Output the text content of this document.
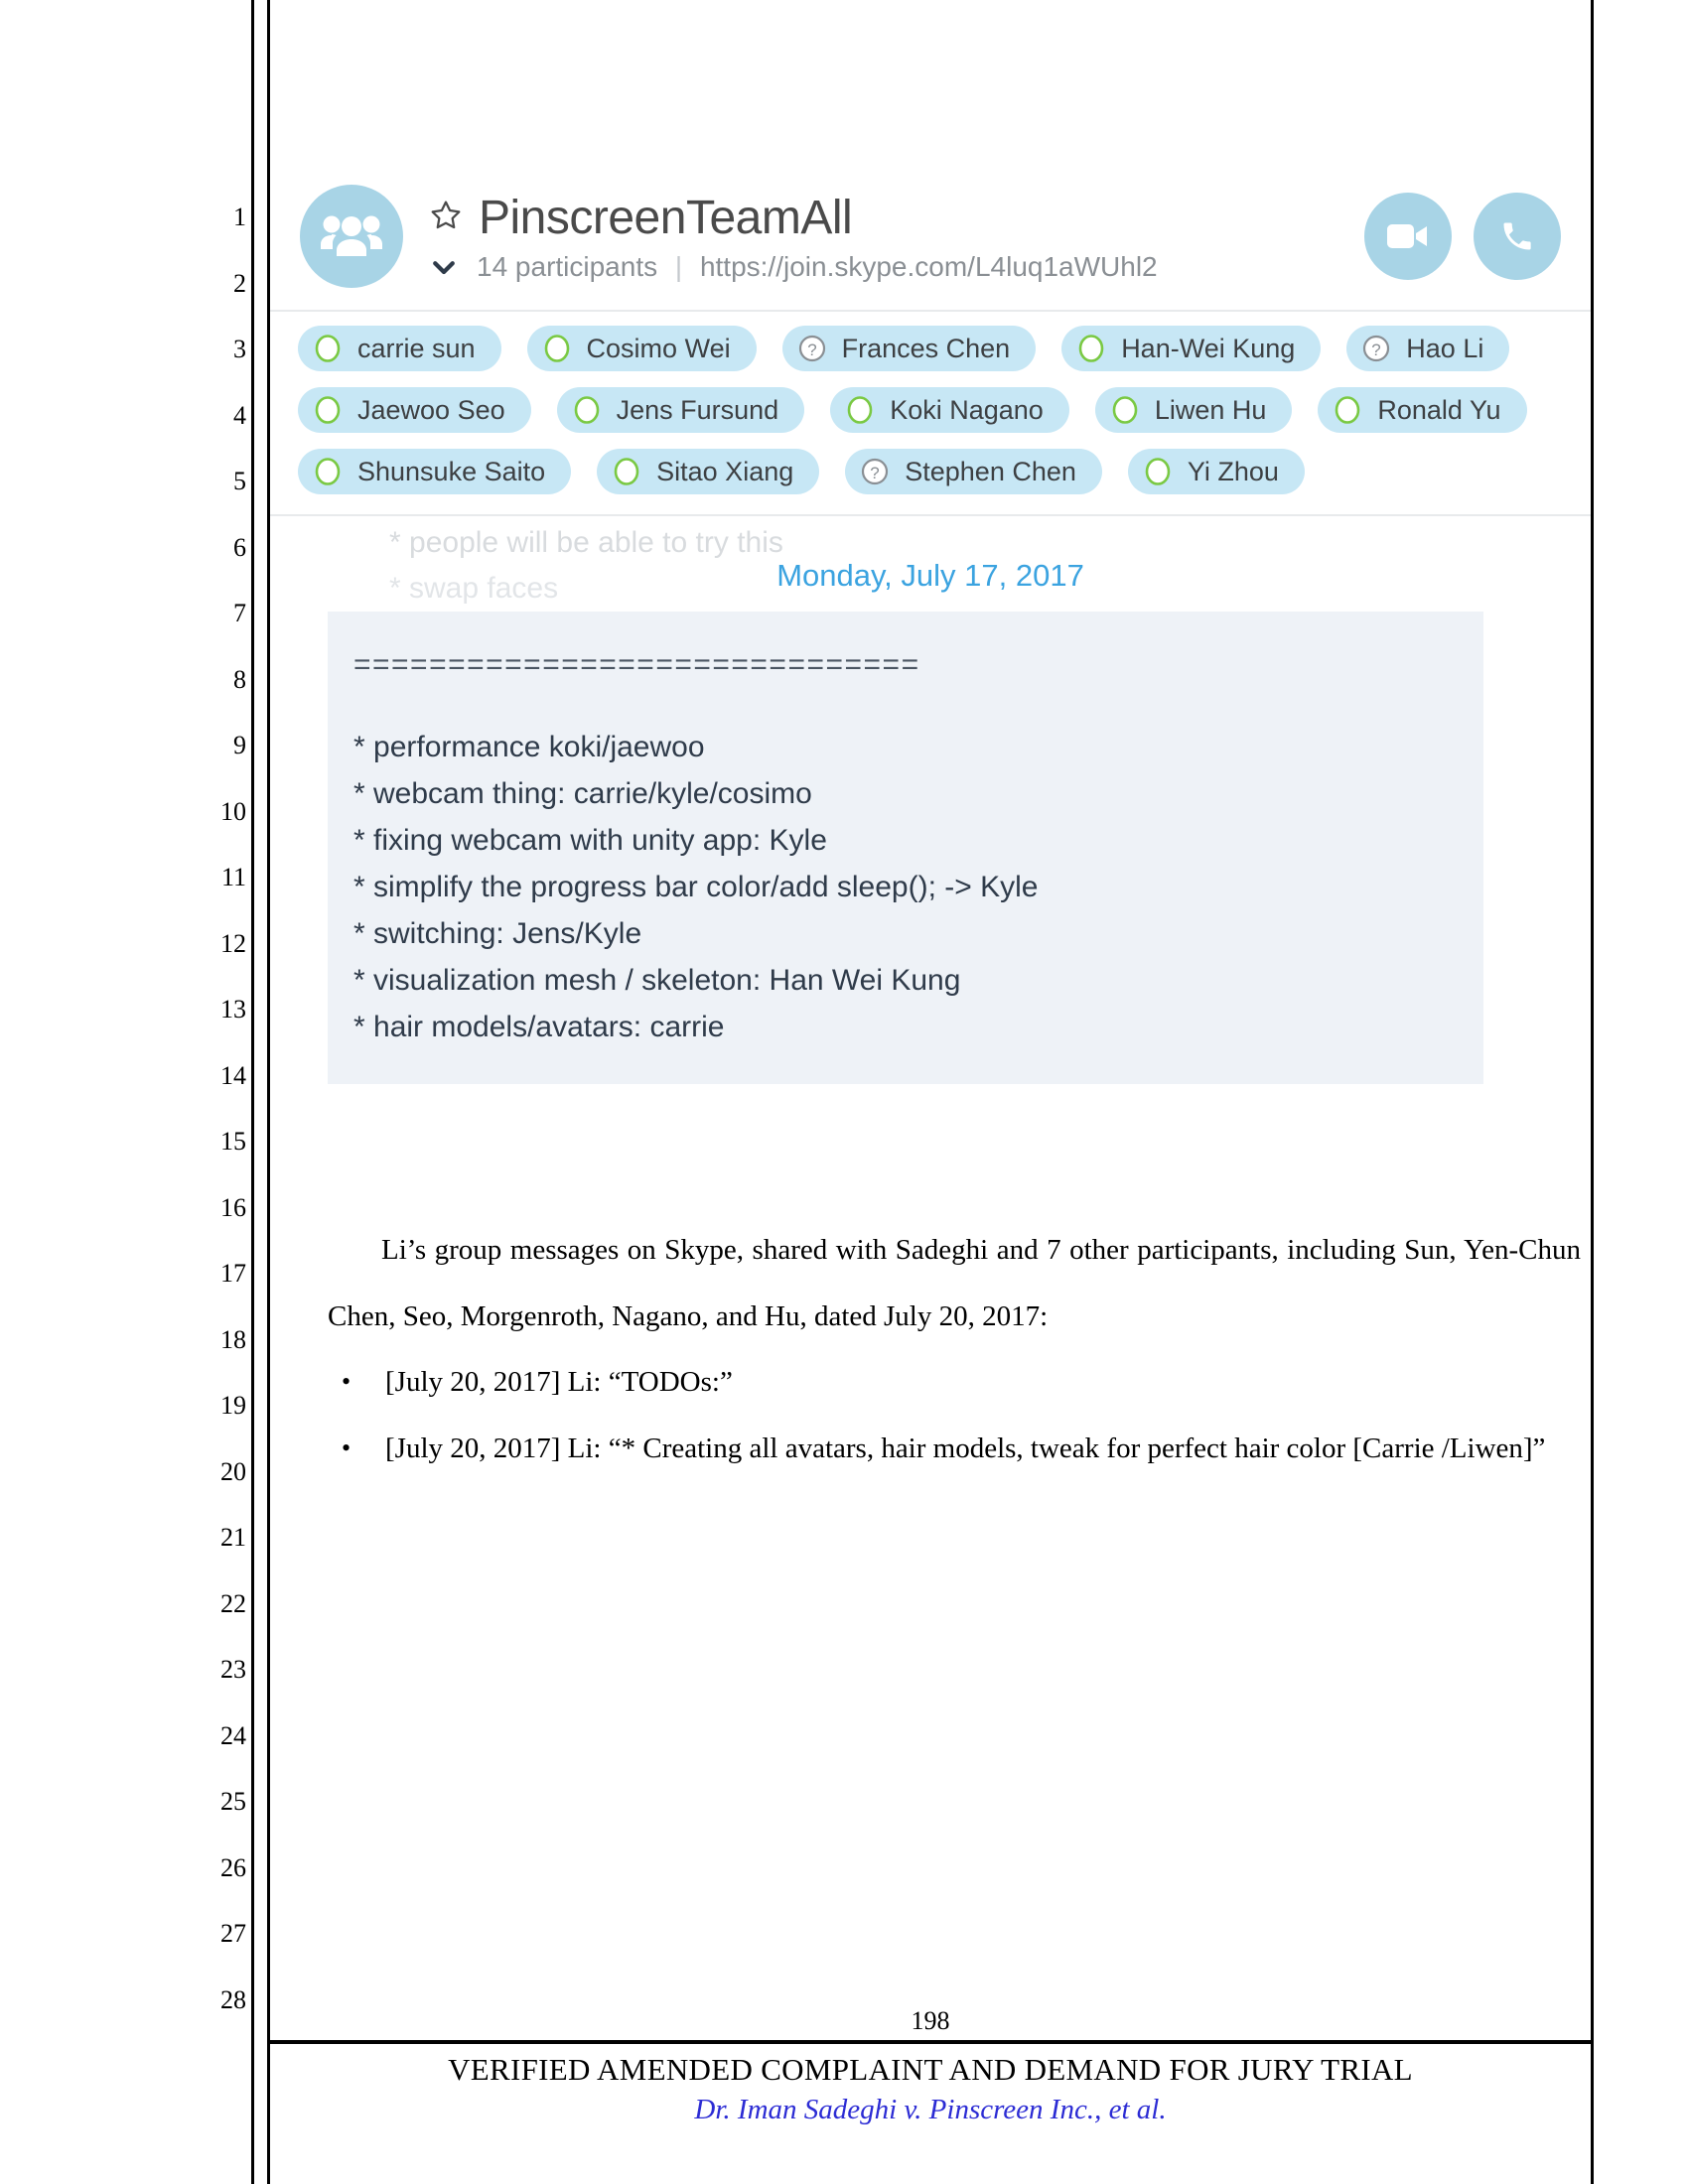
1
2
3
4
5
6
7
8
9
10
11
12
13
14
15
16
17
18
19
20
21
22
23
24
25
26
27
28
PinscreenTeamAll
14 participants | https://join.skype.com/L4luq1aWUhl2
carrie sun	Cosimo Wei	? Frances Chen	Han-Wei Kung	? Hao Li
Jaewoo Seo	Jens Fursund	Koki Nagano	Liwen Hu	Ronald Yu
Shunsuke Saito	Sitao Xiang	? Stephen Chen	Yi Zhou
* people will be able to try this
* swap faces	Monday, July 17, 2017
==============================
* performance koki/jaewoo
* webcam thing: carrie/kyle/cosimo
* fixing webcam with unity app: Kyle
* simplify the progress bar color/add sleep(); -> Kyle
* switching: Jens/Kyle
* visualization mesh / skeleton: Han Wei Kung
* hair models/avatars: carrie
Li’s group messages on Skype, shared with Sadeghi and 7 other participants, including Sun, Yen-Chun Chen, Seo, Morgenroth, Nagano, and Hu, dated July 20, 2017:
• [July 20, 2017] Li: “TODOs:”
• [July 20, 2017] Li: “* Creating all avatars, hair models, tweak for perfect hair color [Carrie /Liwen]”
198
VERIFIED AMENDED COMPLAINT AND DEMAND FOR JURY TRIAL
Dr. Iman Sadeghi v. Pinscreen Inc., et al.
